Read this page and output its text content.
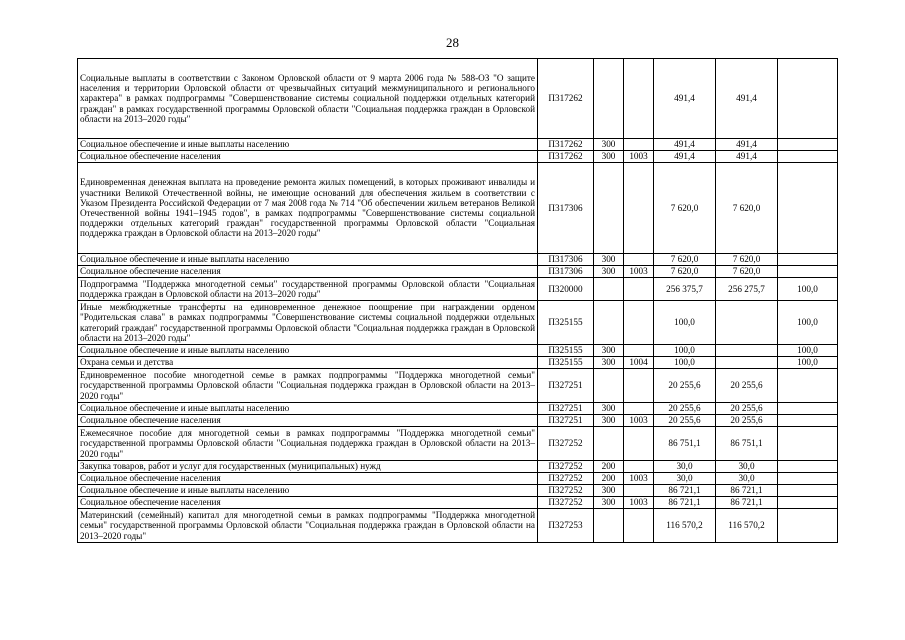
28
Социальные выплаты в соответствии с Законом Орловской области от 9 марта 2006 года № 588-ОЗ "О защите населения и территории Орловской области от чрезвычайных ситуаций межмуниципального и регионального характера" в рамках подпрограммы "Совершенствование системы социальной поддержки отдельных категорий граждан" в рамках государственной программы Орловской области "Социальная поддержка граждан в Орловской области на 2013–2020 годы"	П317262			491,4	491,4	
Социальное обеспечение и иные выплаты населению	П317262	300		491,4	491,4	
Социальное обеспечение населения	П317262	300	1003	491,4	491,4	
Единовременная денежная выплата на проведение ремонта жилых помещений, в которых проживают инвалиды и участники Великой Отечественной войны, не имеющие оснований для обеспечения жильем в соответствии с Указом Президента Российской Федерации от 7 мая 2008 года № 714 "Об обеспечении жильем ветеранов Великой Отечественной войны 1941–1945 годов", в рамках подпрограммы "Совершенствование системы социальной поддержки отдельных категорий граждан" государственной программы Орловской области "Социальная поддержка граждан в Орловской области на 2013–2020 годы"	П317306			7 620,0	7 620,0	
Социальное обеспечение и иные выплаты населению	П317306	300		7 620,0	7 620,0	
Социальное обеспечение населения	П317306	300	1003	7 620,0	7 620,0	
Подпрограмма "Поддержка многодетной семьи" государственной программы Орловской области "Социальная поддержка граждан в Орловской области на 2013–2020 годы"	П320000			256 375,7	256 275,7	100,0
Иные межбюджетные трансферты на единовременное денежное поощрение при награждении орденом "Родительская слава" в рамках подпрограммы "Совершенствование системы социальной поддержки отдельных категорий граждан" государственной программы Орловской области "Социальная поддержка граждан в Орловской области на 2013–2020 годы"	П325155			100,0		100,0
Социальное обеспечение и иные выплаты населению	П325155	300		100,0		100,0
Охрана семьи и детства	П325155	300	1004	100,0		100,0
Единовременное пособие многодетной семье в рамках подпрограммы "Поддержка многодетной семьи" государственной программы Орловской области "Социальная поддержка граждан в Орловской области на 2013–2020 годы"	П327251			20 255,6	20 255,6	
Социальное обеспечение и иные выплаты населению	П327251	300		20 255,6	20 255,6	
Социальное обеспечение населения	П327251	300	1003	20 255,6	20 255,6	
Ежемесячное пособие для многодетной семьи в рамках подпрограммы "Поддержка многодетной семьи" государственной программы Орловской области "Социальная поддержка граждан в Орловской области на 2013–2020 годы"	П327252			86 751,1	86 751,1	
Закупка товаров, работ и услуг для государственных (муниципальных) нужд	П327252	200		30,0	30,0	
Социальное обеспечение населения	П327252	200	1003	30,0	30,0	
Социальное обеспечение и иные выплаты населению	П327252	300		86 721,1	86 721,1	
Социальное обеспечение населения	П327252	300	1003	86 721,1	86 721,1	
Материнский (семейный) капитал для многодетной семьи в рамках подпрограммы "Поддержка многодетной семьи" государственной программы Орловской области "Социальная поддержка граждан в Орловской области на 2013–2020 годы"	П327253			116 570,2	116 570,2	
